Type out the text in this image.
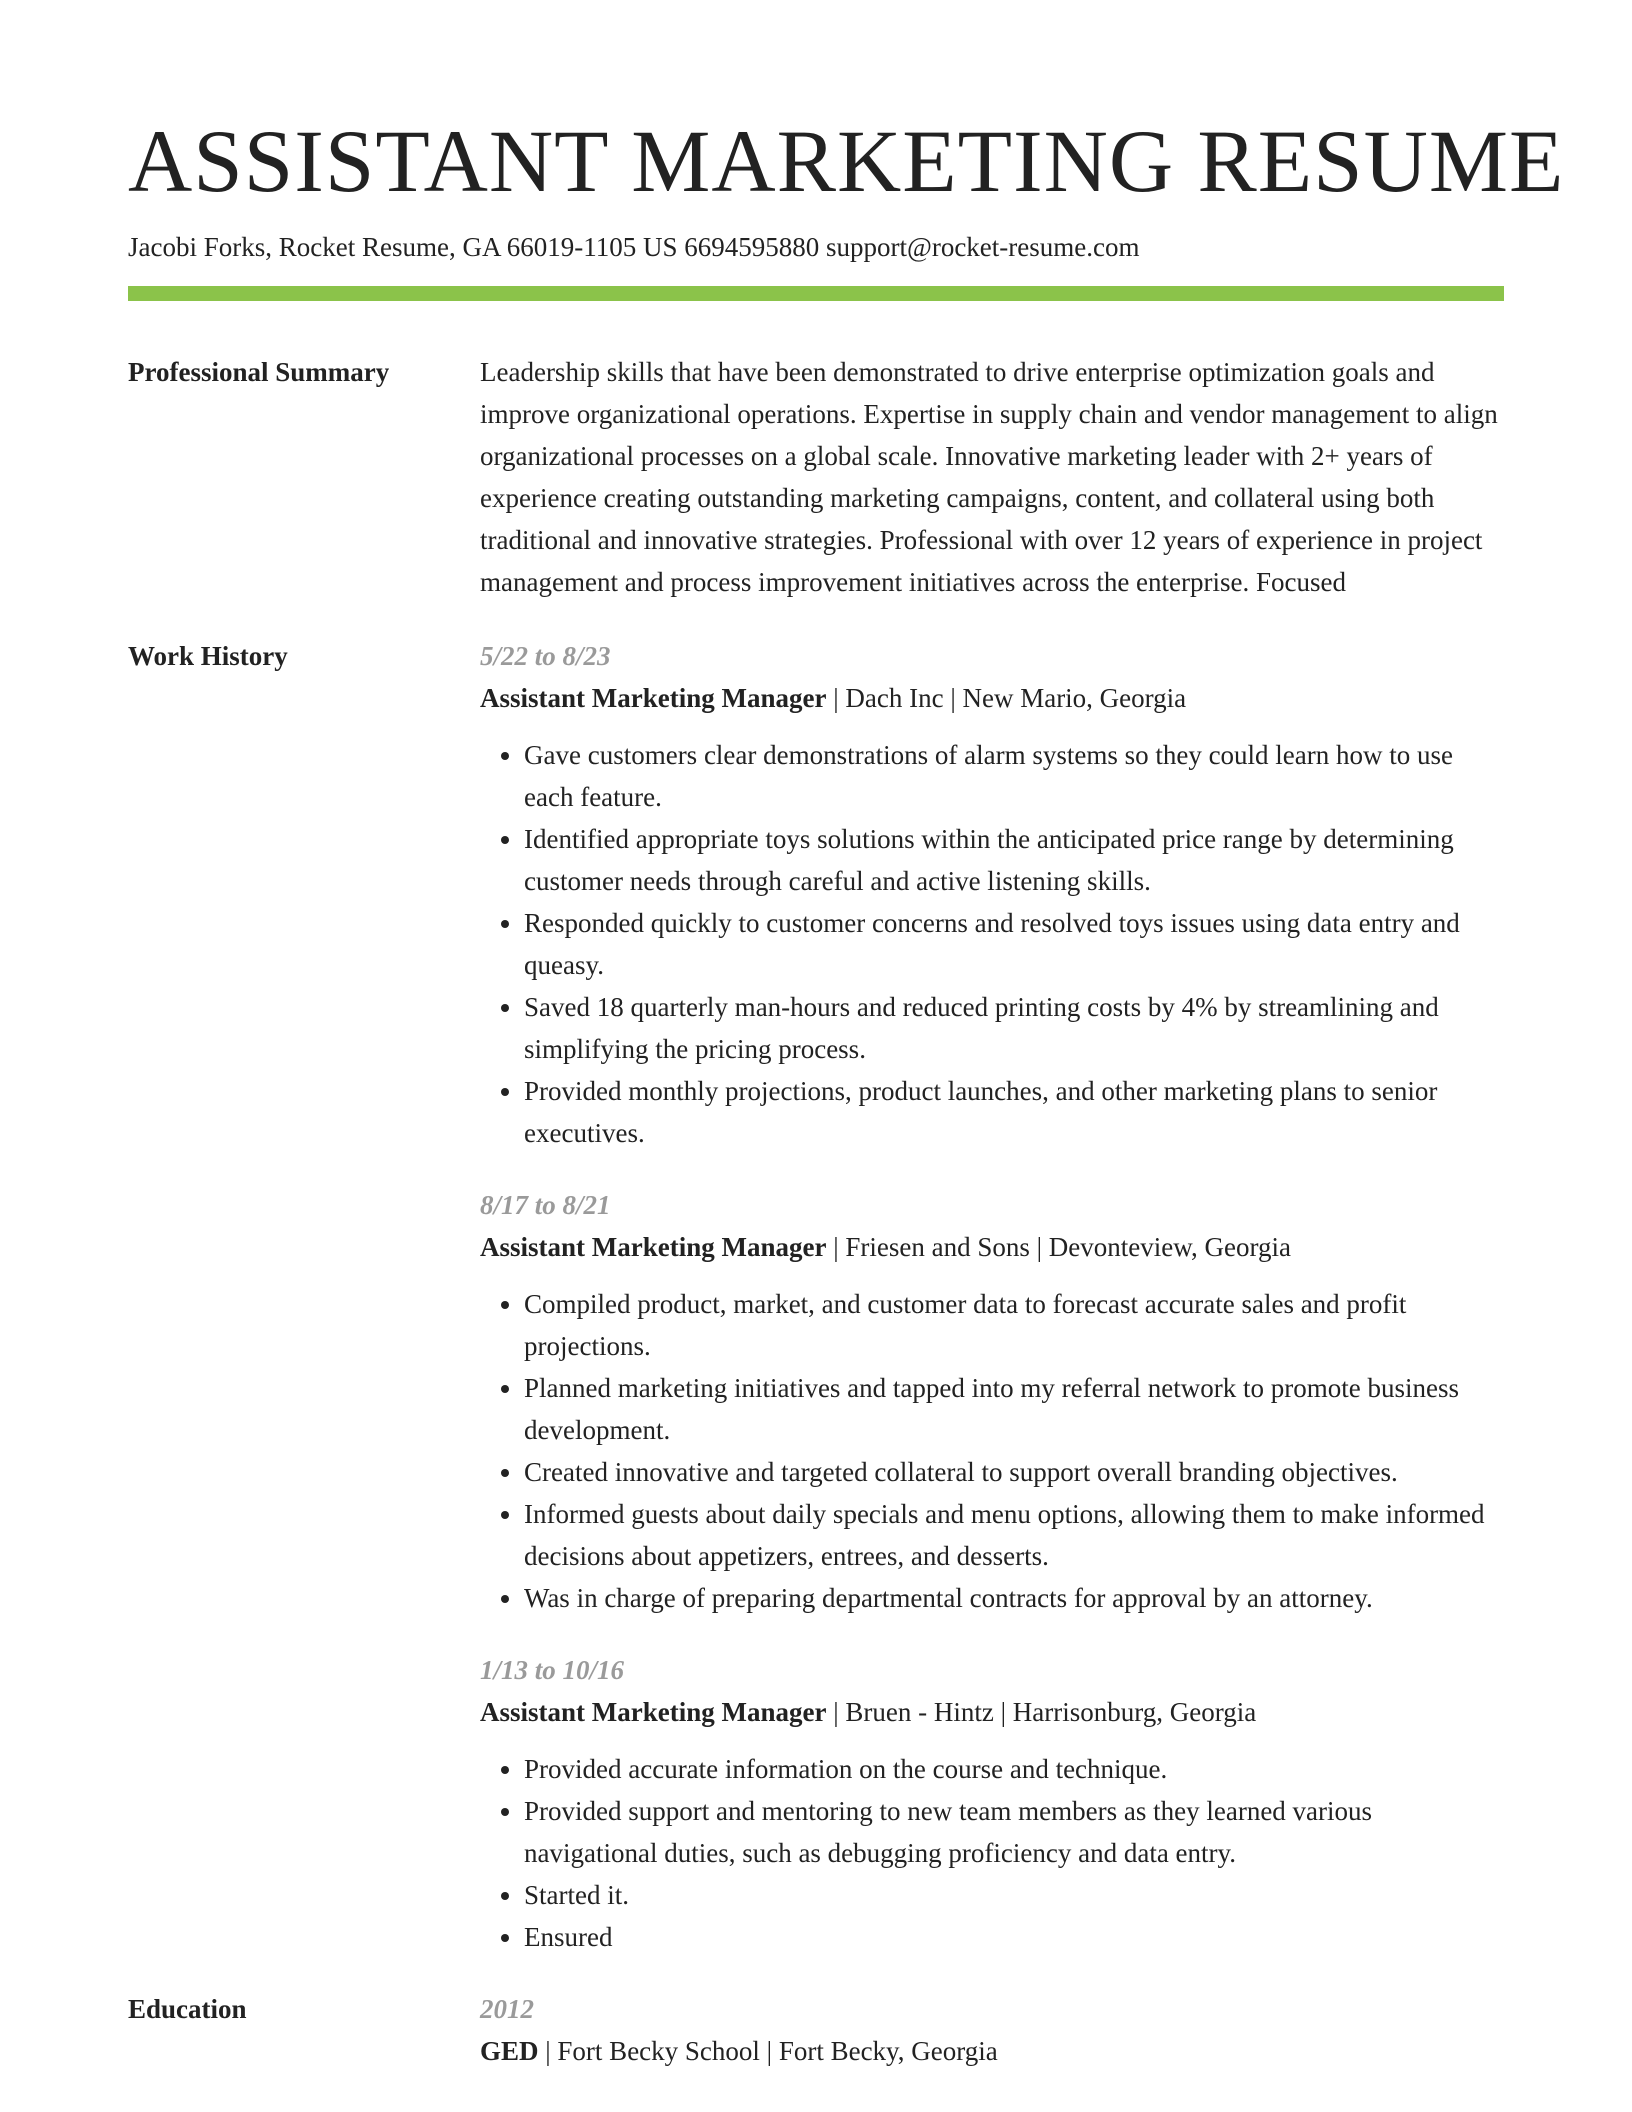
ASSISTANT MARKETING RESUME
Jacobi Forks, Rocket Resume, GA 66019-1105 US 6694595880 support@rocket-resume.com
Professional Summary	Leadership skills that have been demonstrated to drive enterprise optimization goals and improve organizational operations. Expertise in supply chain and vendor management to align organizational processes on a global scale. Innovative marketing leader with 2+ years of experience creating outstanding marketing campaigns, content, and collateral using both traditional and innovative strategies. Professional with over 12 years of experience in project management and process improvement initiatives across the enterprise. Focused
Work History	5/22 to 8/23
Assistant Marketing Manager | Dach Inc | New Mario, Georgia
• Gave customers clear demonstrations of alarm systems so they could learn how to use each feature.
• Identified appropriate toys solutions within the anticipated price range by determining customer needs through careful and active listening skills.
• Responded quickly to customer concerns and resolved toys issues using data entry and queasy.
• Saved 18 quarterly man-hours and reduced printing costs by 4% by streamlining and simplifying the pricing process.
• Provided monthly projections, product launches, and other marketing plans to senior executives.
8/17 to 8/21
Assistant Marketing Manager | Friesen and Sons | Devonteview, Georgia
• Compiled product, market, and customer data to forecast accurate sales and profit projections.
• Planned marketing initiatives and tapped into my referral network to promote business development.
• Created innovative and targeted collateral to support overall branding objectives.
• Informed guests about daily specials and menu options, allowing them to make informed decisions about appetizers, entrees, and desserts.
• Was in charge of preparing departmental contracts for approval by an attorney.
1/13 to 10/16
Assistant Marketing Manager | Bruen - Hintz | Harrisonburg, Georgia
• Provided accurate information on the course and technique.
• Provided support and mentoring to new team members as they learned various navigational duties, such as debugging proficiency and data entry.
• Started it.
• Ensured
Education	2012
GED | Fort Becky School | Fort Becky, Georgia
